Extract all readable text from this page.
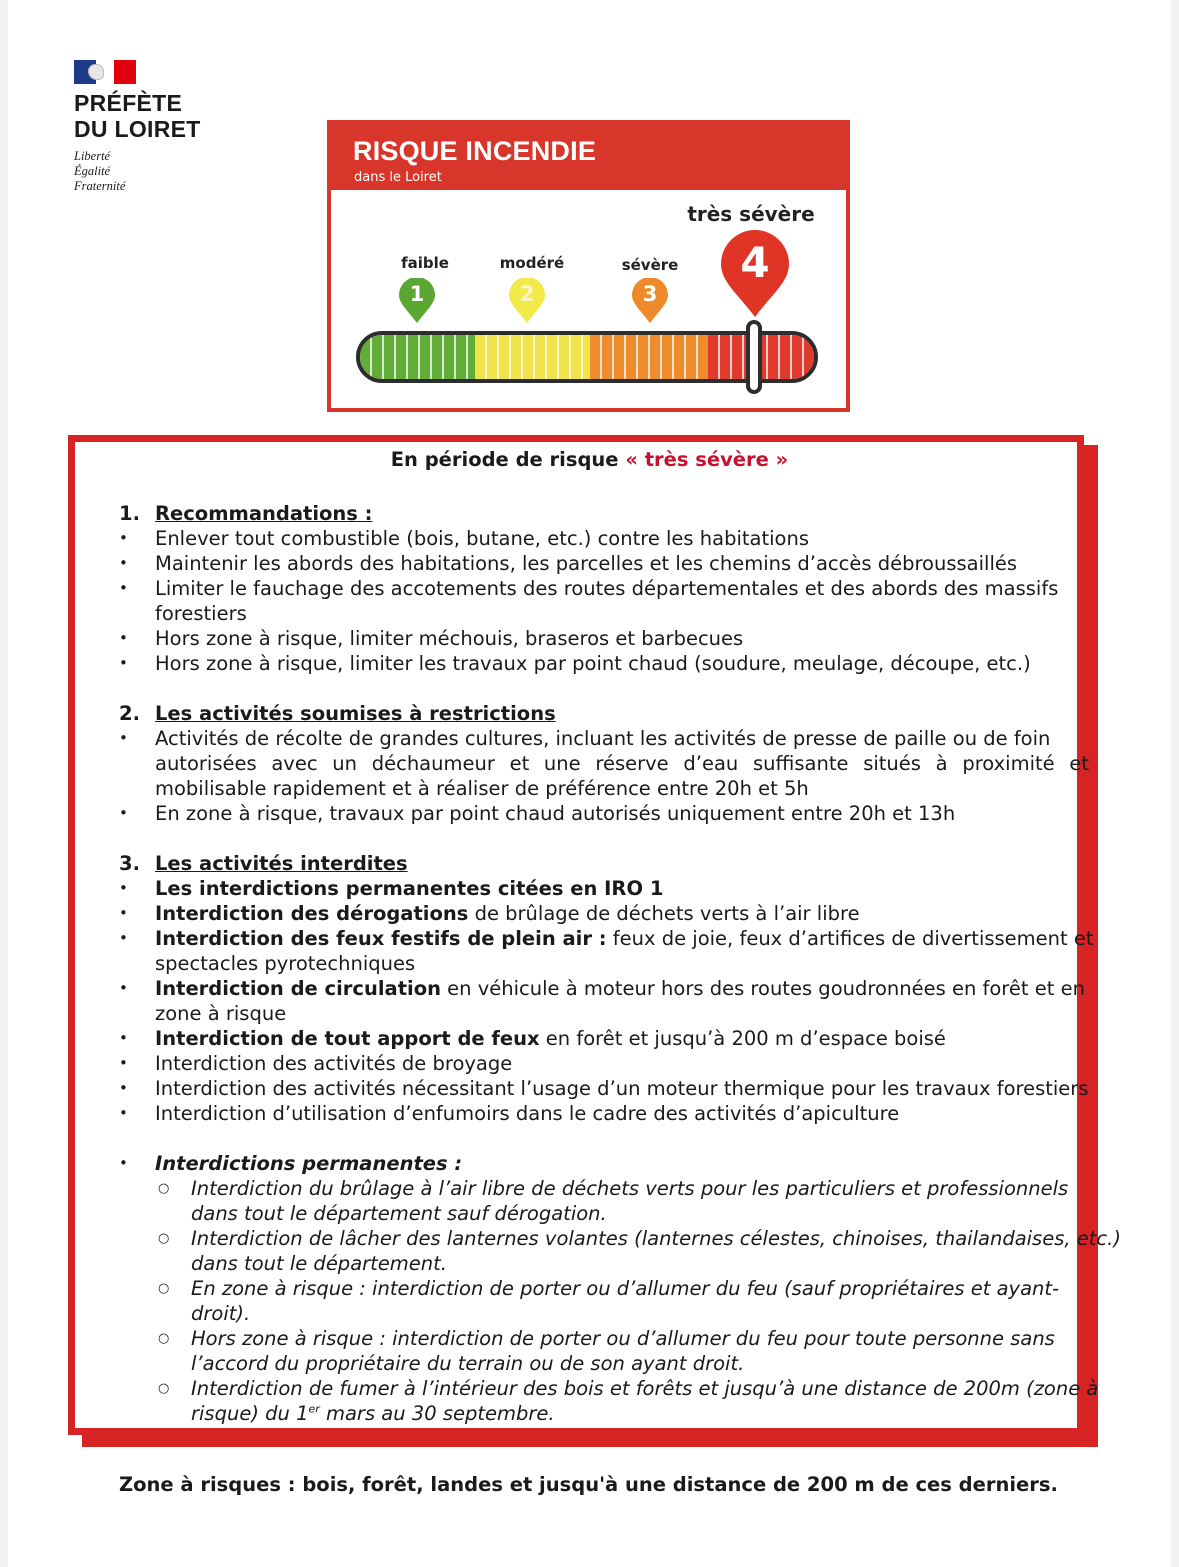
PRÉFÈTE
DU LOIRET
Liberté
Égalité
Fraternité
RISQUE INCENDIE
dans le Loiret
faible	modéré	sévère
très sévère
1	2	3
4
En période de risque « très sévère »
1. Recommandations :
• Enlever tout combustible (bois, butane, etc.) contre les habitations
• Maintenir les abords des habitations, les parcelles et les chemins d’accès débroussaillés
• Limiter le fauchage des accotements des routes départementales et des abords des massifs
forestiers
• Hors zone à risque, limiter méchouis, braseros et barbecues
• Hors zone à risque, limiter les travaux par point chaud (soudure, meulage, découpe, etc.)
2. Les activités soumises à restrictions
• Activités de récolte de grandes cultures, incluant les activités de presse de paille ou de foin
autorisées avec un déchaumeur et une réserve d’eau suffisante situés à proximité et
mobilisable rapidement et à réaliser de préférence entre 20h et 5h
• En zone à risque, travaux par point chaud autorisés uniquement entre 20h et 13h
3. Les activités interdites
• Les interdictions permanentes citées en IRO 1
• Interdiction des dérogations de brûlage de déchets verts à l’air libre
• Interdiction des feux festifs de plein air : feux de joie, feux d’artifices de divertissement et
spectacles pyrotechniques
• Interdiction de circulation en véhicule à moteur hors des routes goudronnées en forêt et en
zone à risque
• Interdiction de tout apport de feux en forêt et jusqu’à 200 m d’espace boisé
• Interdiction des activités de broyage
• Interdiction des activités nécessitant l’usage d’un moteur thermique pour les travaux forestiers
• Interdiction d’utilisation d’enfumoirs dans le cadre des activités d’apiculture
• Interdictions permanentes :
○ Interdiction du brûlage à l’air libre de déchets verts pour les particuliers et professionnels
dans tout le département sauf dérogation.
○ Interdiction de lâcher des lanternes volantes (lanternes célestes, chinoises, thailandaises, etc.)
dans tout le département.
○ En zone à risque : interdiction de porter ou d’allumer du feu (sauf propriétaires et ayant-
droit).
○ Hors zone à risque : interdiction de porter ou d’allumer du feu pour toute personne sans
l’accord du propriétaire du terrain ou de son ayant droit.
○ Interdiction de fumer à l’intérieur des bois et forêts et jusqu’à une distance de 200m (zone à
risque) du 1er mars au 30 septembre.
Zone à risques : bois, forêt, landes et jusqu'à une distance de 200 m de ces derniers.
